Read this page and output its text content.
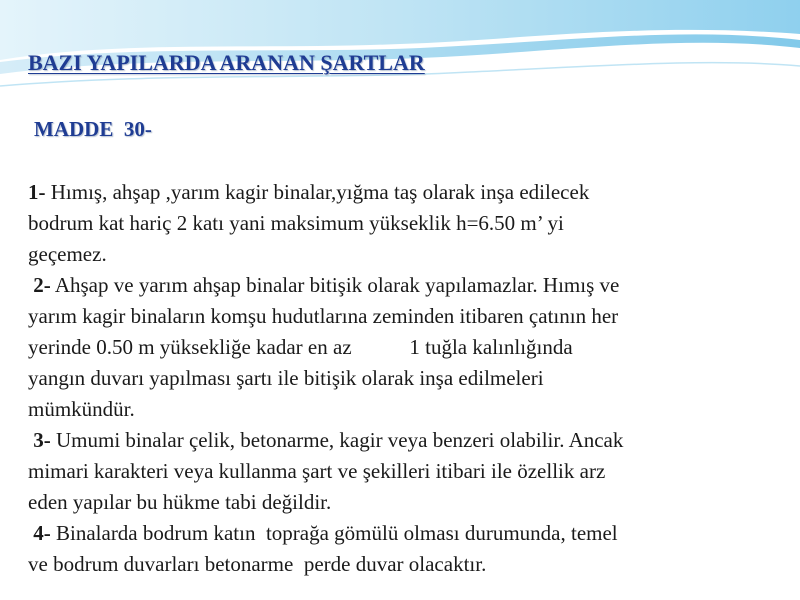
BAZI YAPILARDA ARANAN ŞARTLAR
MADDE  30-
1- Hımış, ahşap ,yarım kagir binalar,yığma taş olarak inşa edilecek
bodrum kat hariç 2 katı yani maksimum yükseklik h=6.50 m’ yi
geçemez.
2- Ahşap ve yarım ahşap binalar bitişik olarak yapılamazlar. Hımış ve
yarım kagir binaların komşu hudutlarına zeminden itibaren çatının her
yerinde 0.50 m yüksekliğe kadar en az           1 tuğla kalınlığında
yangın duvarı yapılması şartı ile bitişik olarak inşa edilmeleri
mümkündür.
3- Umumi binalar çelik, betonarme, kagir veya benzeri olabilir. Ancak
mimari karakteri veya kullanma şart ve şekilleri itibari ile özellik arz
eden yapılar bu hükme tabi değildir.
4- Binalarda bodrum katın  toprağa gömülü olması durumunda, temel
ve bodrum duvarları betonarme  perde duvar olacaktır.
